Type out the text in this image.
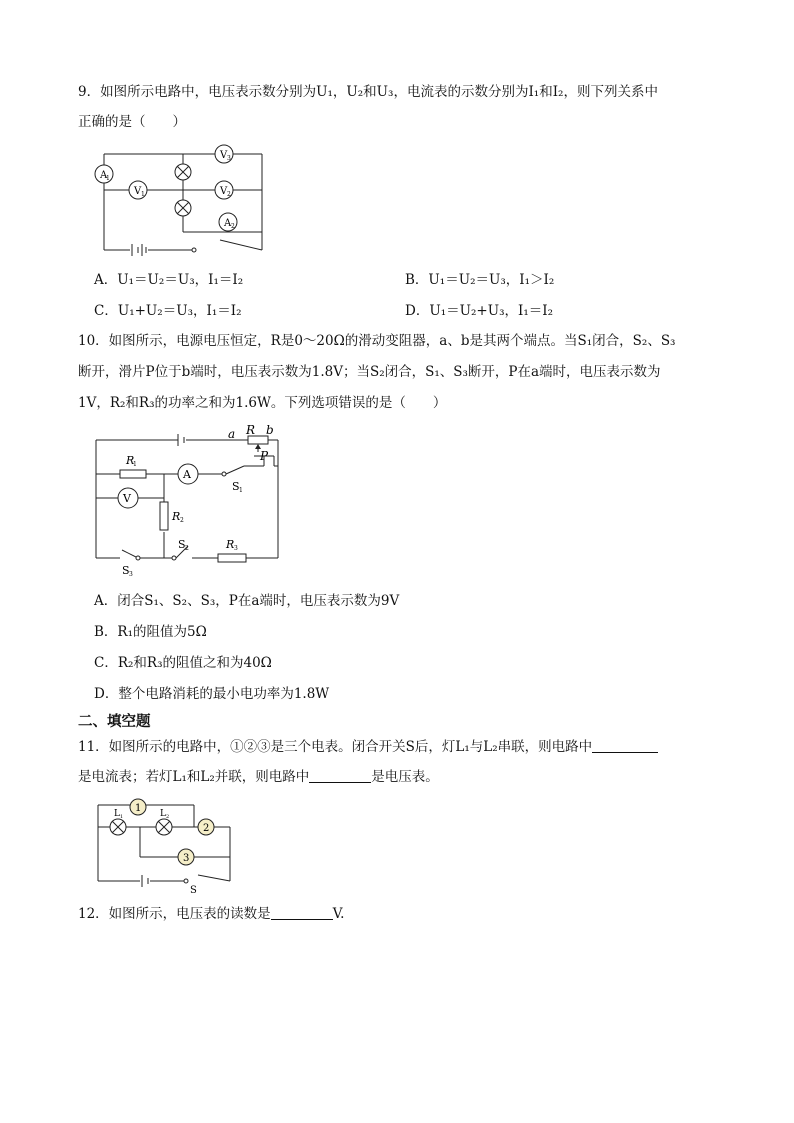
9．如图所示电路中，电压表示数分别为U₁，U₂和U₃，电流表的示数分别为I₁和I₂，则下列关系中
正确的是（　　）
A
1
V 1	V 2
V 3
A 2
A．U₁＝U₂＝U₃，I₁＝I₂	B．U₁＝U₂＝U₃，I₁＞I₂
C．U₁+U₂＝U₃，I₁＝I₂	D．U₁＝U₂+U₃，I₁＝I₂
10．如图所示，电源电压恒定，R是0～20Ω的滑动变阻器，a、b是其两个端点。当S₁闭合，S₂、S₃
断开，滑片P位于b端时，电压表示数为1.8V；当S₂闭合，S₁、S₃断开，P在a端时，电压表示数为
1V，R₂和R₃的功率之和为1.6W。下列选项错误的是（　　）
a R b
P
R
1
A
V
R 2
R 3
S 1
S 2
S 3
A．闭合S₁、S₂、S₃，P在a端时，电压表示数为9V
B．R₁的阻值为5Ω
C．R₂和R₃的阻值之和为40Ω
D．整个电路消耗的最小电功率为1.8W
二、填空题
11．如图所示的电路中，①②③是三个电表。闭合开关S后，灯L₁与L₂串联，则电路中
是电流表；若灯L₁和L₂并联，则电路中	是电压表。
S
L 1	L 2
1
2
3
12．如图所示，电压表的读数是	V.
